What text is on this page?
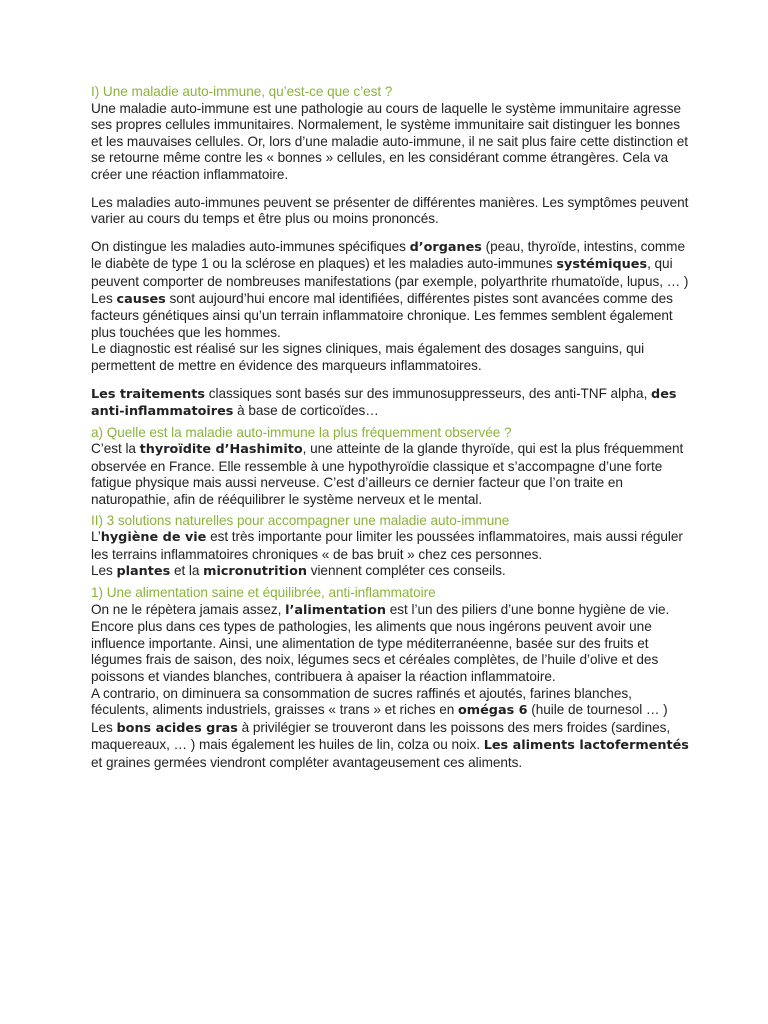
I) Une maladie auto-immune, qu’est-ce que c’est ?

Une maladie auto-immune est une pathologie au cours de laquelle le système immunitaire agresse ses propres cellules immunitaires. Normalement, le système immunitaire sait distinguer les bonnes et les mauvaises cellules. Or, lors d’une maladie auto-immune, il ne sait plus faire cette distinction et se retourne même contre les « bonnes » cellules, en les considérant comme étrangères. Cela va créer une réaction inflammatoire.

Les maladies auto-immunes peuvent se présenter de différentes manières. Les symptômes peuvent varier au cours du temps et être plus ou moins prononcés.

On distingue les maladies auto-immunes spécifiques d’organes (peau, thyroïde, intestins, comme le diabète de type 1 ou la sclérose en plaques) et les maladies auto-immunes systémiques, qui peuvent comporter de nombreuses manifestations (par exemple, polyarthrite rhumatoïde, lupus, … )

Les causes sont aujourd’hui encore mal identifiées, différentes pistes sont avancées comme des facteurs génétiques ainsi qu’un terrain inflammatoire chronique. Les femmes semblent également plus touchées que les hommes.

Le diagnostic est réalisé sur les signes cliniques, mais également des dosages sanguins, qui permettent de mettre en évidence des marqueurs inflammatoires.

Les traitements classiques sont basés sur des immunosuppresseurs, des anti-TNF alpha, des anti-inflammatoires à base de corticoïdes…

a) Quelle est la maladie auto-immune la plus fréquemment observée ?

C’est la thyroïdite d’Hashimito, une atteinte de la glande thyroïde, qui est la plus fréquemment observée en France. Elle ressemble à une hypothyroïdie classique et s’accompagne d’une forte fatigue physique mais aussi nerveuse. C’est d’ailleurs ce dernier facteur que l’on traite en naturopathie, afin de rééquilibrer le système nerveux et le mental.

II) 3 solutions naturelles pour accompagner une maladie auto-immune

L’hygiène de vie est très importante pour limiter les poussées inflammatoires, mais aussi réguler les terrains inflammatoires chroniques « de bas bruit » chez ces personnes.

Les plantes et la micronutrition viennent compléter ces conseils.

1) Une alimentation saine et équilibrée, anti-inflammatoire

On ne le répètera jamais assez, l’alimentation est l’un des piliers d’une bonne hygiène de vie. Encore plus dans ces types de pathologies, les aliments que nous ingérons peuvent avoir une influence importante. Ainsi, une alimentation de type méditerranéenne, basée sur des fruits et légumes frais de saison, des noix, légumes secs et céréales complètes, de l’huile d’olive et des poissons et viandes blanches, contribuera à apaiser la réaction inflammatoire.

A contrario, on diminuera sa consommation de sucres raffinés et ajoutés, farines blanches, féculents, aliments industriels, graisses « trans » et riches en omégas 6 (huile de tournesol … ) Les bons acides gras à privilégier se trouveront dans les poissons des mers froides (sardines, maquereaux, … ) mais également les huiles de lin, colza ou noix. Les aliments lactofermentés et graines germées viendront compléter avantageusement ces aliments.
